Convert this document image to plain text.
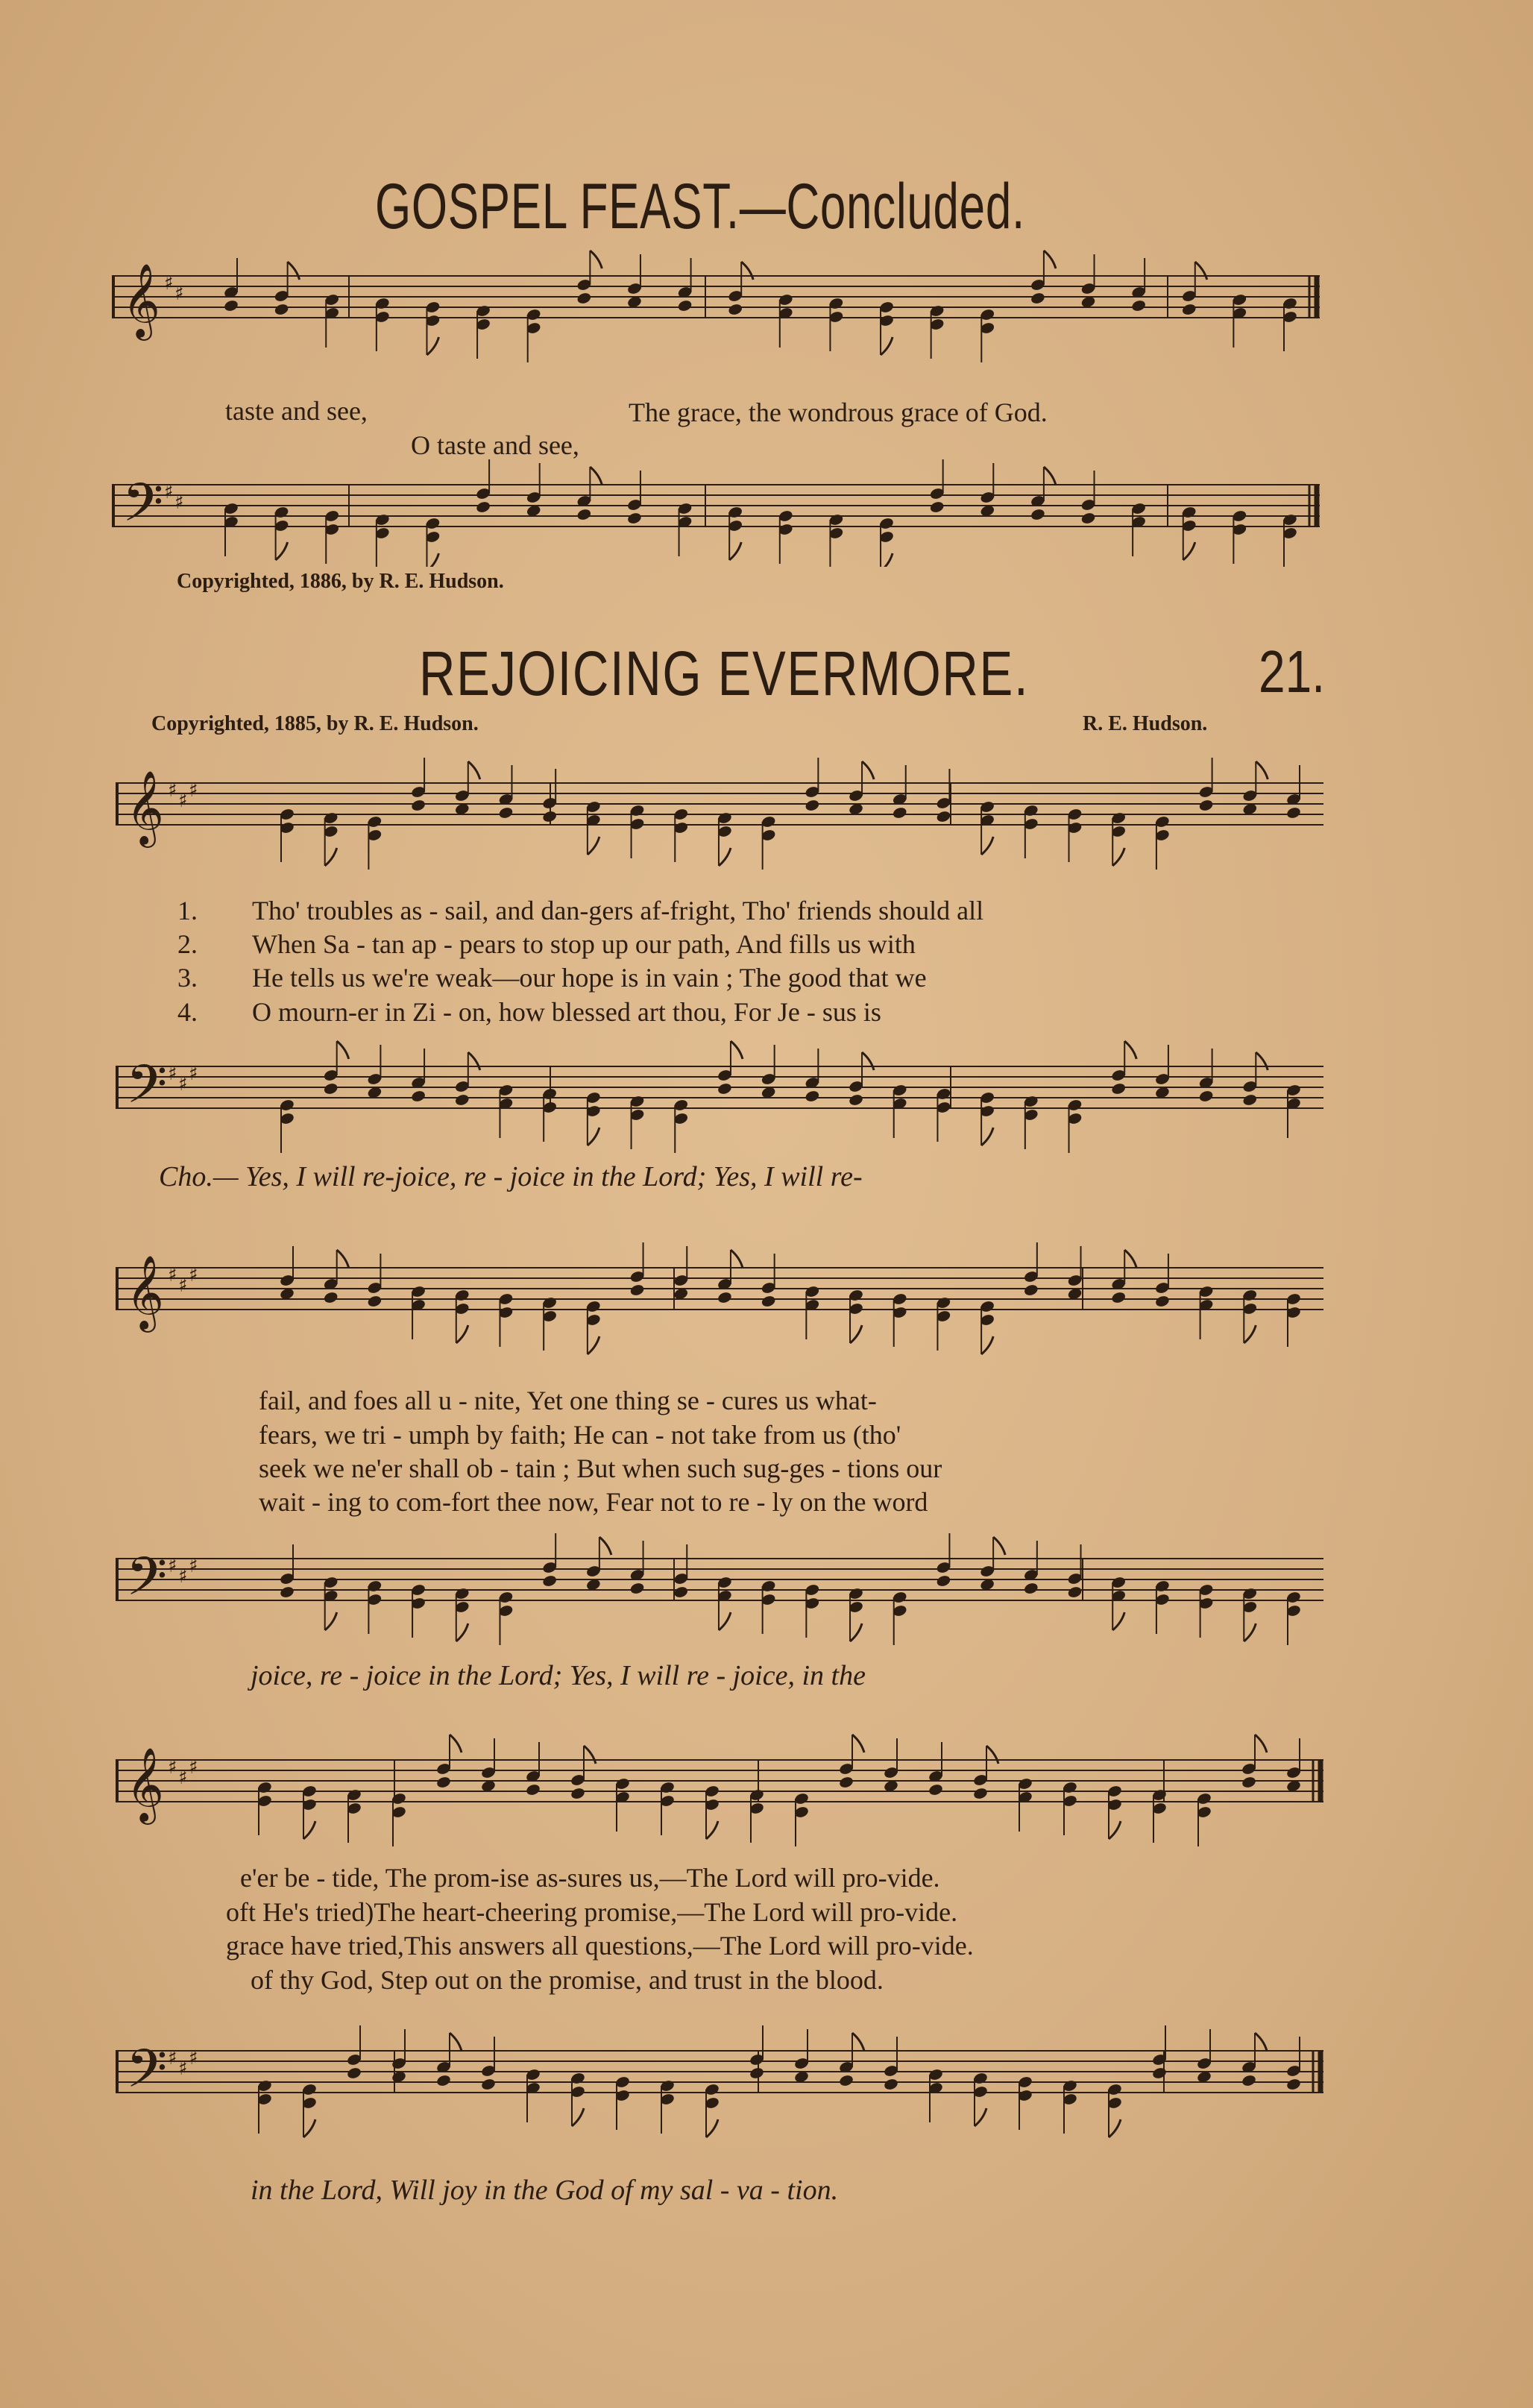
GOSPEL FEAST.—Concluded.
𝄞 ♯ ♯
taste and see,	The grace, the wondrous grace of God.
O taste and see,
𝄢 ♯ ♯
Copyrighted, 1886, by R. E. Hudson.
REJOICING EVERMORE.	21.
Copyrighted, 1885, by R. E. Hudson.	R. E. Hudson.
𝄞 ♯ ♯ ♯
1. Tho' troubles as - sail, and dan-gers af-fright, Tho' friends should all
2. When Sa - tan ap - pears to stop up our path, And fills us with
3. He tells us we're weak—our hope is in vain ; The good that we
4. O mourn-er in Zi - on, how blessed art thou, For Je - sus is
𝄢 ♯ ♯ ♯
Cho.— Yes, I will re-joice, re - joice in the Lord; Yes, I will re-
𝄞 ♯ ♯ ♯
fail, and foes all u - nite, Yet one thing se - cures us what-
fears, we tri - umph by faith; He can - not take from us (tho'
seek we ne'er shall ob - tain ; But when such sug-ges - tions our
wait - ing to com-fort thee now, Fear not to re - ly on the word
𝄢 ♯ ♯ ♯
joice, re - joice in the Lord; Yes, I will re - joice, in the
𝄞 ♯ ♯ ♯
e'er be - tide, The prom-ise as-sures us,—The Lord will pro-vide.
oft He's tried)The heart-cheering promise,—The Lord will pro-vide.
grace have tried,This answers all questions,—The Lord will pro-vide.
of thy God, Step out on the promise, and trust in the blood.
𝄢 ♯ ♯ ♯
in the Lord, Will joy in the God of my sal - va - tion.
